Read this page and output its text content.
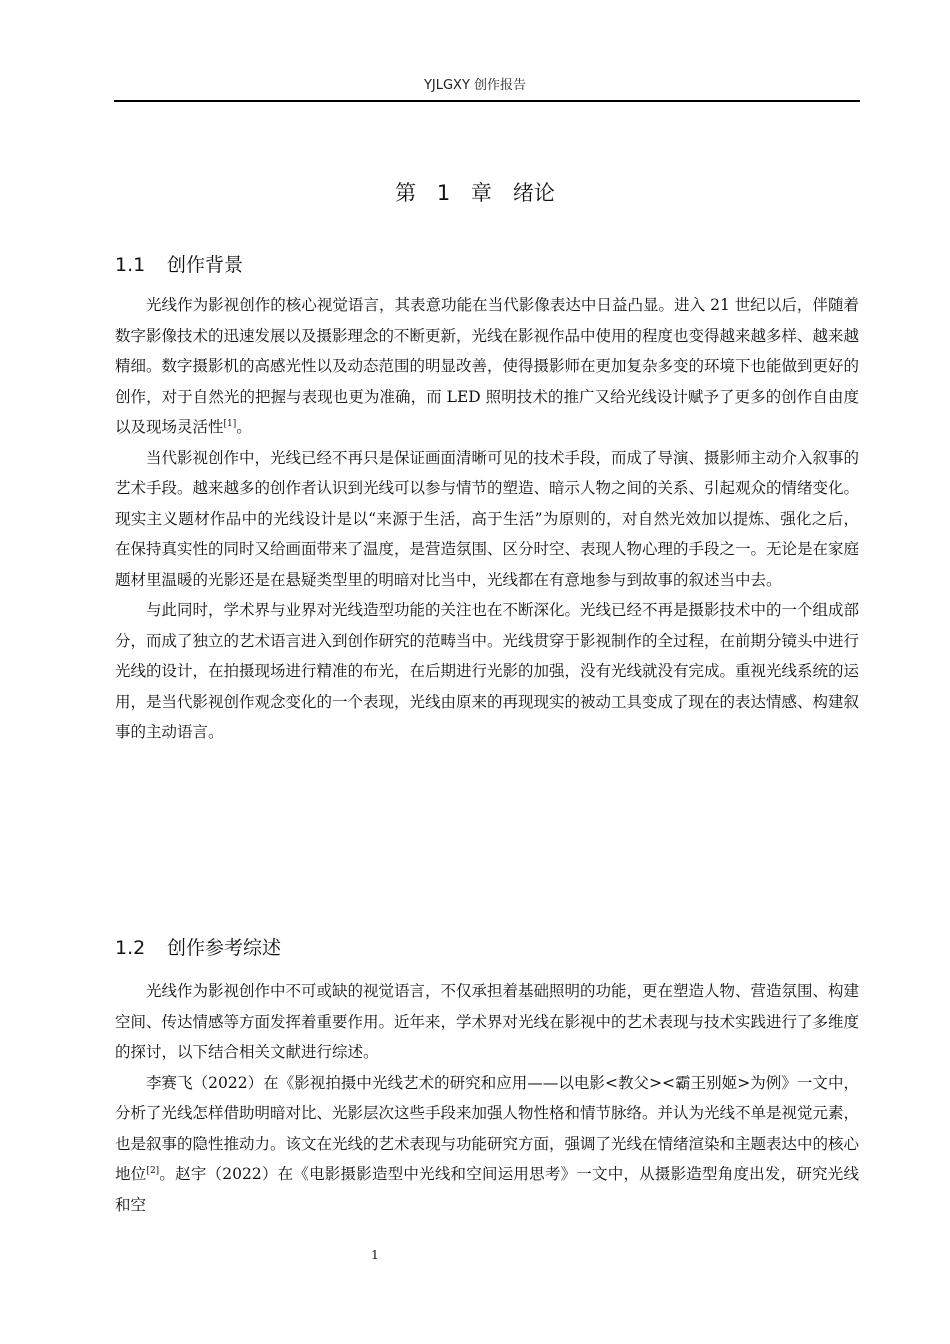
YJLGXY 创作报告
第 1 章　绪论
1.1 创作背景

光线作为影视创作的核心视觉语言，其表意功能在当代影像表达中日益凸显。进入 21 世纪以后，伴随着数字影像技术的迅速发展以及摄影理念的不断更新，光线在影视作品中使用的程度也变得越来越多样、越来越精细。数字摄影机的高感光性以及动态范围的明显改善，使得摄影师在更加复杂多变的环境下也能做到更好的创作，对于自然光的把握与表现也更为准确，而 LED 照明技术的推广又给光线设计赋予了更多的创作自由度以及现场灵活性[1]。

当代影视创作中，光线已经不再只是保证画面清晰可见的技术手段，而成了导演、摄影师主动介入叙事的艺术手段。越来越多的创作者认识到光线可以参与情节的塑造、暗示人物之间的关系、引起观众的情绪变化。现实主义题材作品中的光线设计是以“来源于生活，高于生活”为原则的，对自然光效加以提炼、强化之后，在保持真实性的同时又给画面带来了温度，是营造氛围、区分时空、表现人物心理的手段之一。无论是在家庭题材里温暖的光影还是在悬疑类型里的明暗对比当中，光线都在有意地参与到故事的叙述当中去。

与此同时，学术界与业界对光线造型功能的关注也在不断深化。光线已经不再是摄影技术中的一个组成部分，而成了独立的艺术语言进入到创作研究的范畴当中。光线贯穿于影视制作的全过程，在前期分镜头中进行光线的设计，在拍摄现场进行精准的布光，在后期进行光影的加强，没有光线就没有完成。重视光线系统的运用，是当代影视创作观念变化的一个表现，光线由原来的再现现实的被动工具变成了现在的表达情感、构建叙事的主动语言。

1.2 创作参考综述

光线作为影视创作中不可或缺的视觉语言，不仅承担着基础照明的功能，更在塑造人物、营造氛围、构建空间、传达情感等方面发挥着重要作用。近年来，学术界对光线在影视中的艺术表现与技术实践进行了多维度的探讨，以下结合相关文献进行综述。

李赛飞（2022）在《影视拍摄中光线艺术的研究和应用——以电影<教父><霸王别姬>为例》一文中，分析了光线怎样借助明暗对比、光影层次这些手段来加强人物性格和情节脉络。并认为光线不单是视觉元素，也是叙事的隐性推动力。该文在光线的艺术表现与功能研究方面，强调了光线在情绪渲染和主题表达中的核心地位[2]。赵宇（2022）在《电影摄影造型中光线和空间运用思考》一文中，从摄影造型角度出发，研究光线和空

1
